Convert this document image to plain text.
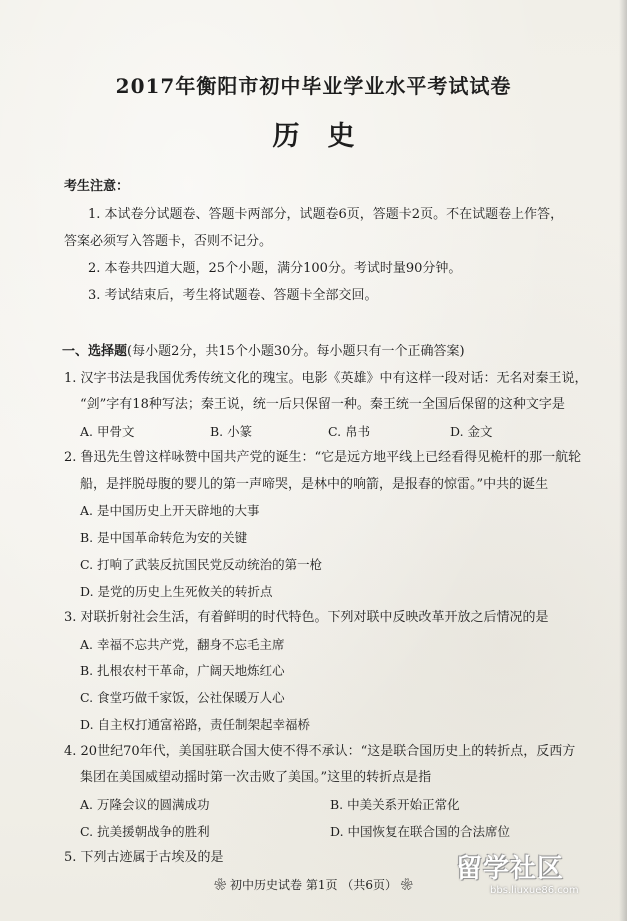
2017年衡阳市初中毕业学业水平考试试卷
历史
考生注意：
1. 本试卷分试题卷、答题卡两部分，试题卷6页，答题卡2页。不在试题卷上作答，
答案必须写入答题卡，否则不记分。
2. 本卷共四道大题，25个小题，满分100分。考试时量90分钟。
3. 考试结束后，考生将试题卷、答题卡全部交回。
一、选择题(每小题2分，共15个小题30分。每小题只有一个正确答案)
1. 汉字书法是我国优秀传统文化的瑰宝。电影《英雄》中有这样一段对话：无名对秦王说，
“剑”字有18种写法；秦王说，统一后只保留一种。秦王统一全国后保留的这种文字是
A. 甲骨文	B. 小篆	C. 帛书	D. 金文
2. 鲁迅先生曾这样咏赞中国共产党的诞生：“它是远方地平线上已经看得见桅杆的那一航轮
船，是拌脱母腹的婴儿的第一声啼哭，是林中的响箭，是报春的惊雷。”中共的诞生
A. 是中国历史上开天辟地的大事
B. 是中国革命转危为安的关键
C. 打响了武装反抗国民党反动统治的第一枪
D. 是党的历史上生死攸关的转折点
3. 对联折射社会生活，有着鲜明的时代特色。下列对联中反映改革开放之后情况的是
A. 幸福不忘共产党，翻身不忘毛主席
B. 扎根农村干革命，广阔天地炼红心
C. 食堂巧做千家饭，公社保暖万人心
D. 自主权打通富裕路，责任制架起幸福桥
4. 20世纪70年代，美国驻联合国大使不得不承认：“这是联合国历史上的转折点，反西方
集团在美国威望动摇时第一次击败了美国。”这里的转折点是指
A. 万隆会议的圆满成功	B. 中美关系开始正常化
C. 抗美援朝战争的胜利	D. 中国恢复在联合国的合法席位
5. 下列古迹属于古埃及的是
❀ 初中历史试卷 第1页 （共6页） ❀
留学社区
bbs.liuxue86.com
